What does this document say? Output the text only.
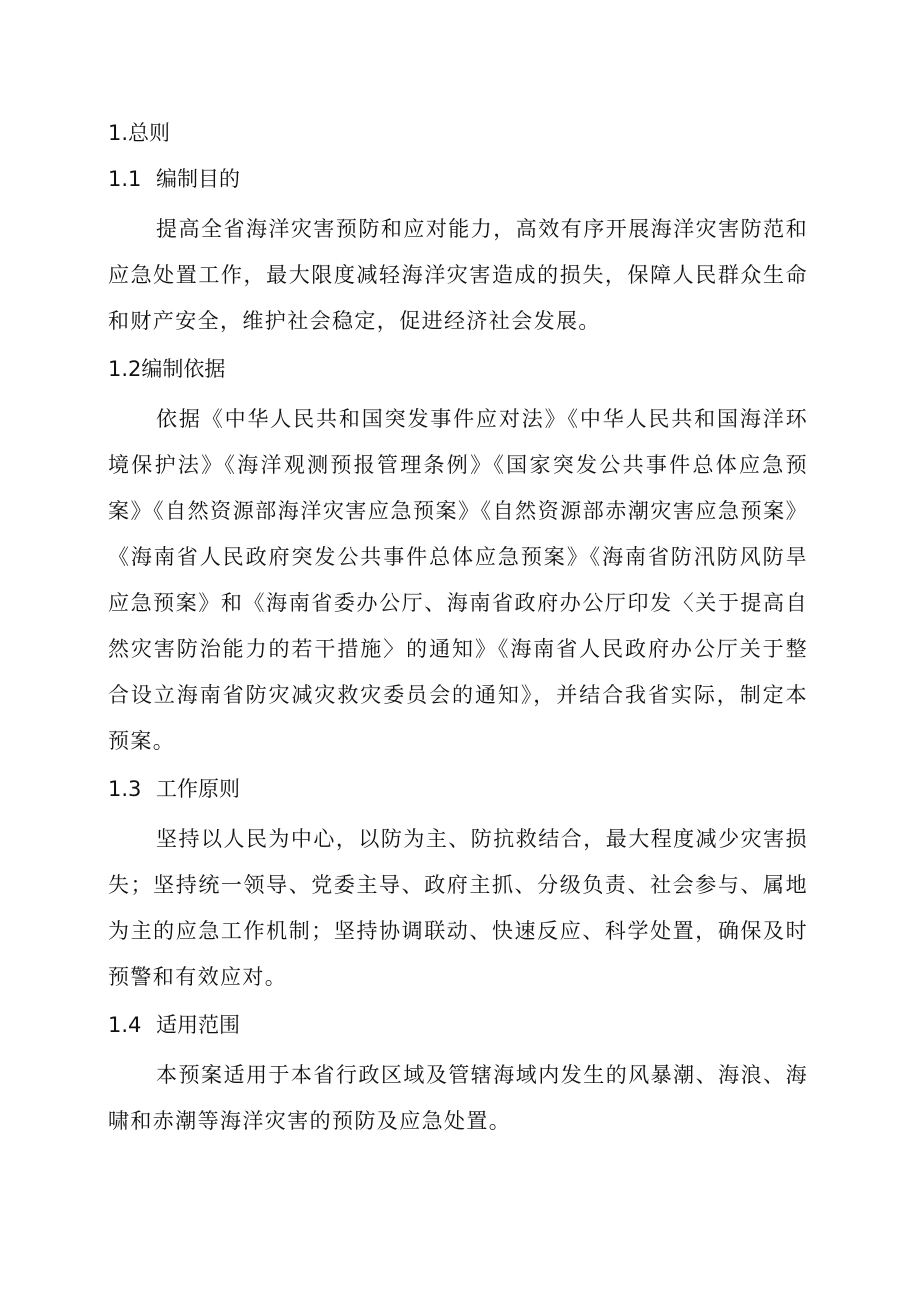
1.总则
1.1 编制目的

提高全省海洋灾害预防和应对能力，高效有序开展海洋灾害防范和应急处置工作，最大限度减轻海洋灾害造成的损失，保障人民群众生命和财产安全，维护社会稳定，促进经济社会发展。

1.2编制依据

依据《中华人民共和国突发事件应对法》《中华人民共和国海洋环境保护法》《海洋观测预报管理条例》《国家突发公共事件总体应急预案》《自然资源部海洋灾害应急预案》《自然资源部赤潮灾害应急预案》《海南省人民政府突发公共事件总体应急预案》《海南省防汛防风防旱应急预案》和《海南省委办公厅、海南省政府办公厅印发〈关于提高自然灾害防治能力的若干措施〉的通知》《海南省人民政府办公厅关于整合设立海南省防灾减灾救灾委员会的通知》，并结合我省实际，制定本预案。

1.3 工作原则

坚持以人民为中心，以防为主、防抗救结合，最大程度减少灾害损失；坚持统一领导、党委主导、政府主抓、分级负责、社会参与、属地为主的应急工作机制；坚持协调联动、快速反应、科学处置，确保及时预警和有效应对。

1.4 适用范围

本预案适用于本省行政区域及管辖海域内发生的风暴潮、海浪、海啸和赤潮等海洋灾害的预防及应急处置。
